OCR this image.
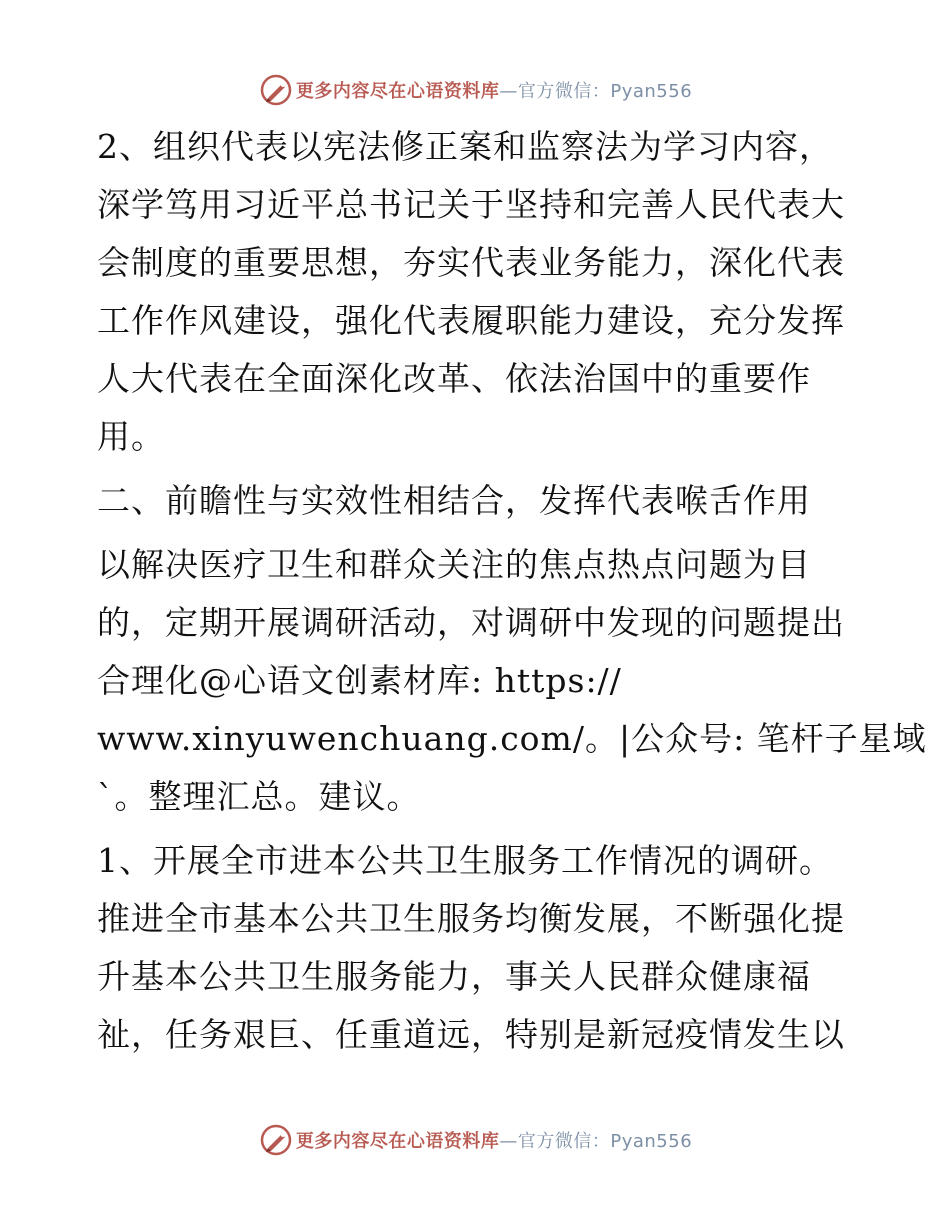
更多内容尽在心语资料库 —官方微信：Pyan556
2、组织代表以宪法修正案和监察法为学习内容，
深学笃用习近平总书记关于坚持和完善人民代表大
会制度的重要思想，夯实代表业务能力，深化代表
工作作风建设，强化代表履职能力建设，充分发挥
人大代表在全面深化改革、依法治国中的重要作
用。
二、前瞻性与实效性相结合，发挥代表喉舌作用
以解决医疗卫生和群众关注的焦点热点问题为目
的，定期开展调研活动，对调研中发现的问题提出
合理化@心语文创素材库: https://
www.xinyuwenchuang.com/。|公众号: 笔杆子星域
`。整理汇总。建议。
1、开展全市进本公共卫生服务工作情况的调研。
推进全市基本公共卫生服务均衡发展，不断强化提
升基本公共卫生服务能力，事关人民群众健康福
祉，任务艰巨、任重道远，特别是新冠疫情发生以
更多内容尽在心语资料库 —官方微信：Pyan556
